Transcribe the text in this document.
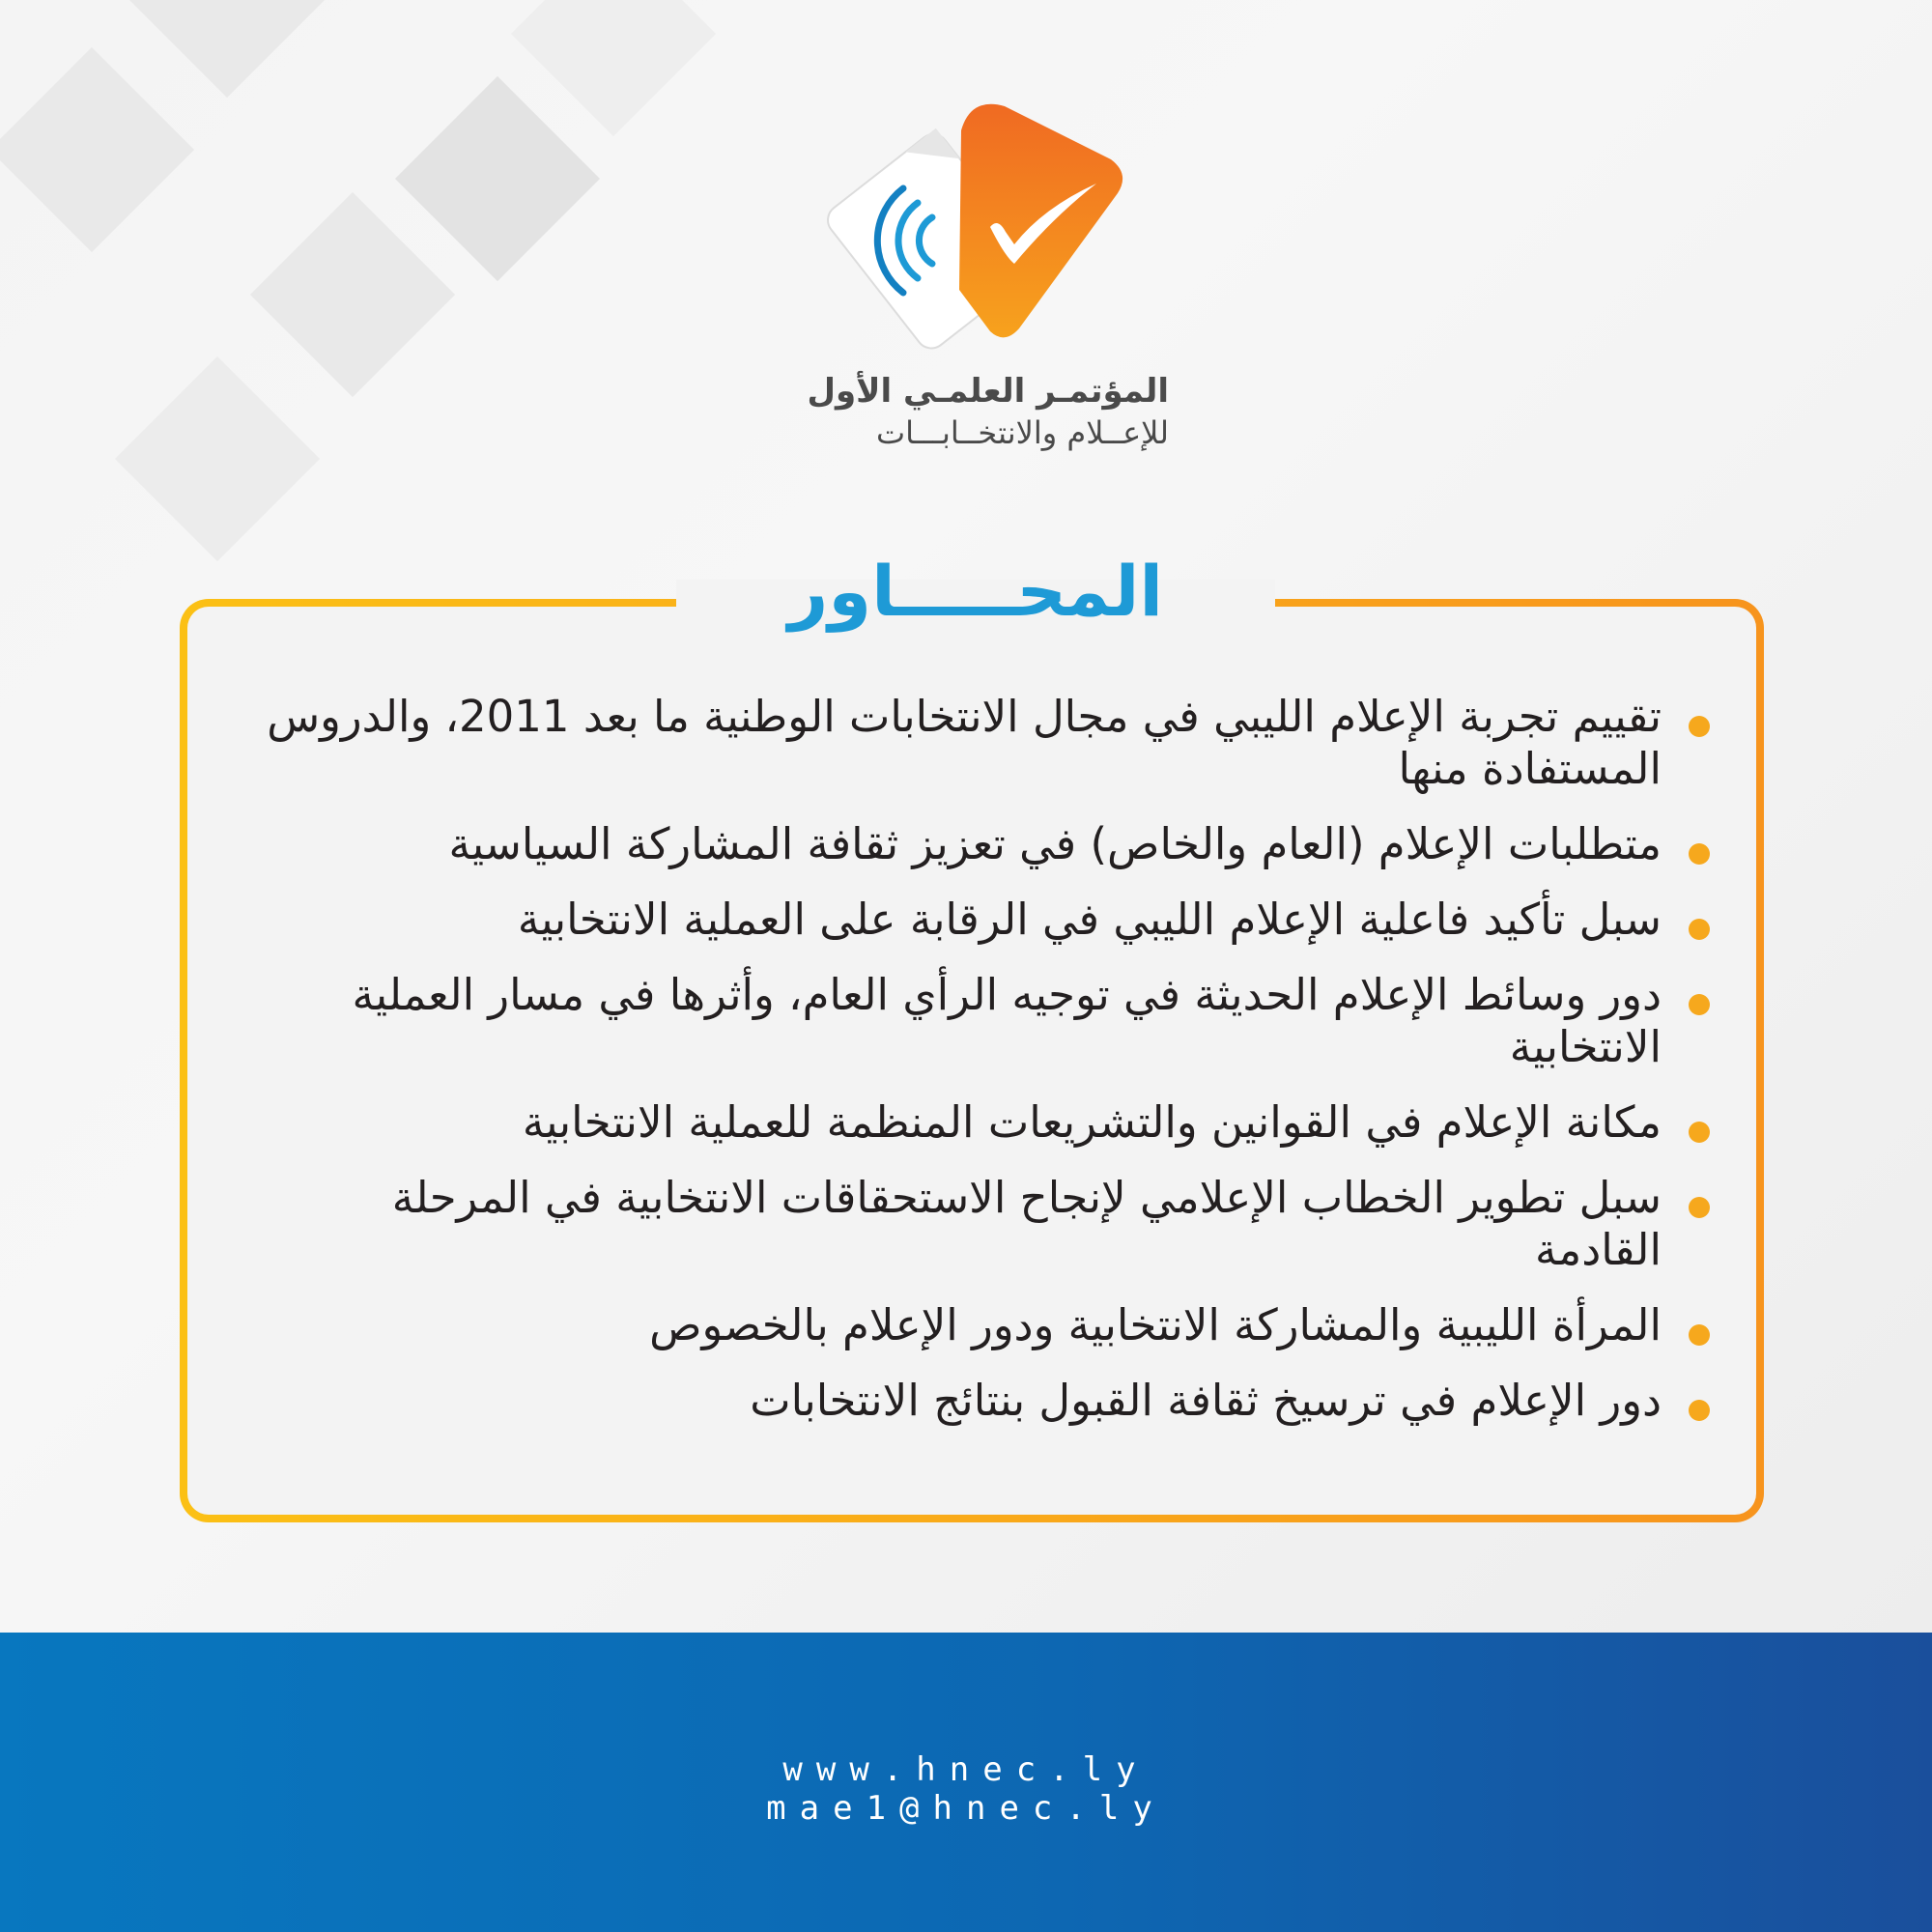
المؤتمـر العلمـي الأول
للإعــلام والانتخــابـــات
المحـــــاور
تقييم تجربة الإعلام الليبي في مجال الانتخابات الوطنية ما بعد 2011، والدروس المستفادة منها
متطلبات الإعلام (العام والخاص) في تعزيز ثقافة المشاركة السياسية
سبل تأكيد فاعلية الإعلام الليبي في الرقابة على العملية الانتخابية
دور وسائط الإعلام الحديثة في توجيه الرأي العام، وأثرها في مسار العملية الانتخابية
مكانة الإعلام في القوانين والتشريعات المنظمة للعملية الانتخابية
سبل تطوير الخطاب الإعلامي لإنجاح الاستحقاقات الانتخابية في المرحلة القادمة
المرأة الليبية والمشاركة الانتخابية ودور الإعلام بالخصوص
دور الإعلام في ترسيخ ثقافة القبول بنتائج الانتخابات
www.hnec.ly
mae1@hnec.ly
